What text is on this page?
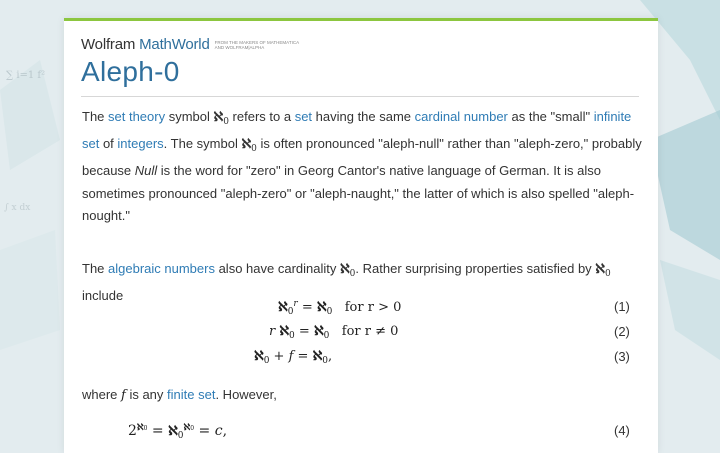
∑ i=1 f²
∫ x dx
Wolfram MathWorld FROM THE MAKERS OF MATHEMATICA AND WOLFRAM|ALPHA
Aleph-0

The set theory symbol ℵ$_0$ refers to a set having the same cardinal number as the "small" infinite set of integers. The symbol ℵ$_0$ is often pronounced "aleph-null" rather than "aleph-zero," probably because Null is the word for "zero" in Georg Cantor's native language of German. It is also sometimes pronounced "aleph-zero" or "aleph-naught," the latter of which is also spelled "aleph-nought."

The algebraic numbers also have cardinality ℵ$_0$. Rather surprising properties satisfied by ℵ$_0$ include

ℵ$_0^r$ = ℵ$_0$ for r > 0	(1)
r ℵ$_0$ = ℵ$_0$ for r ≠ 0	(2)
ℵ$_0$ + f = ℵ$_0$,	(3)

where f is any finite set. However,

$2^{ℵ0}$ = ℵ$_0^{ℵ0}$ = c,	(4)
